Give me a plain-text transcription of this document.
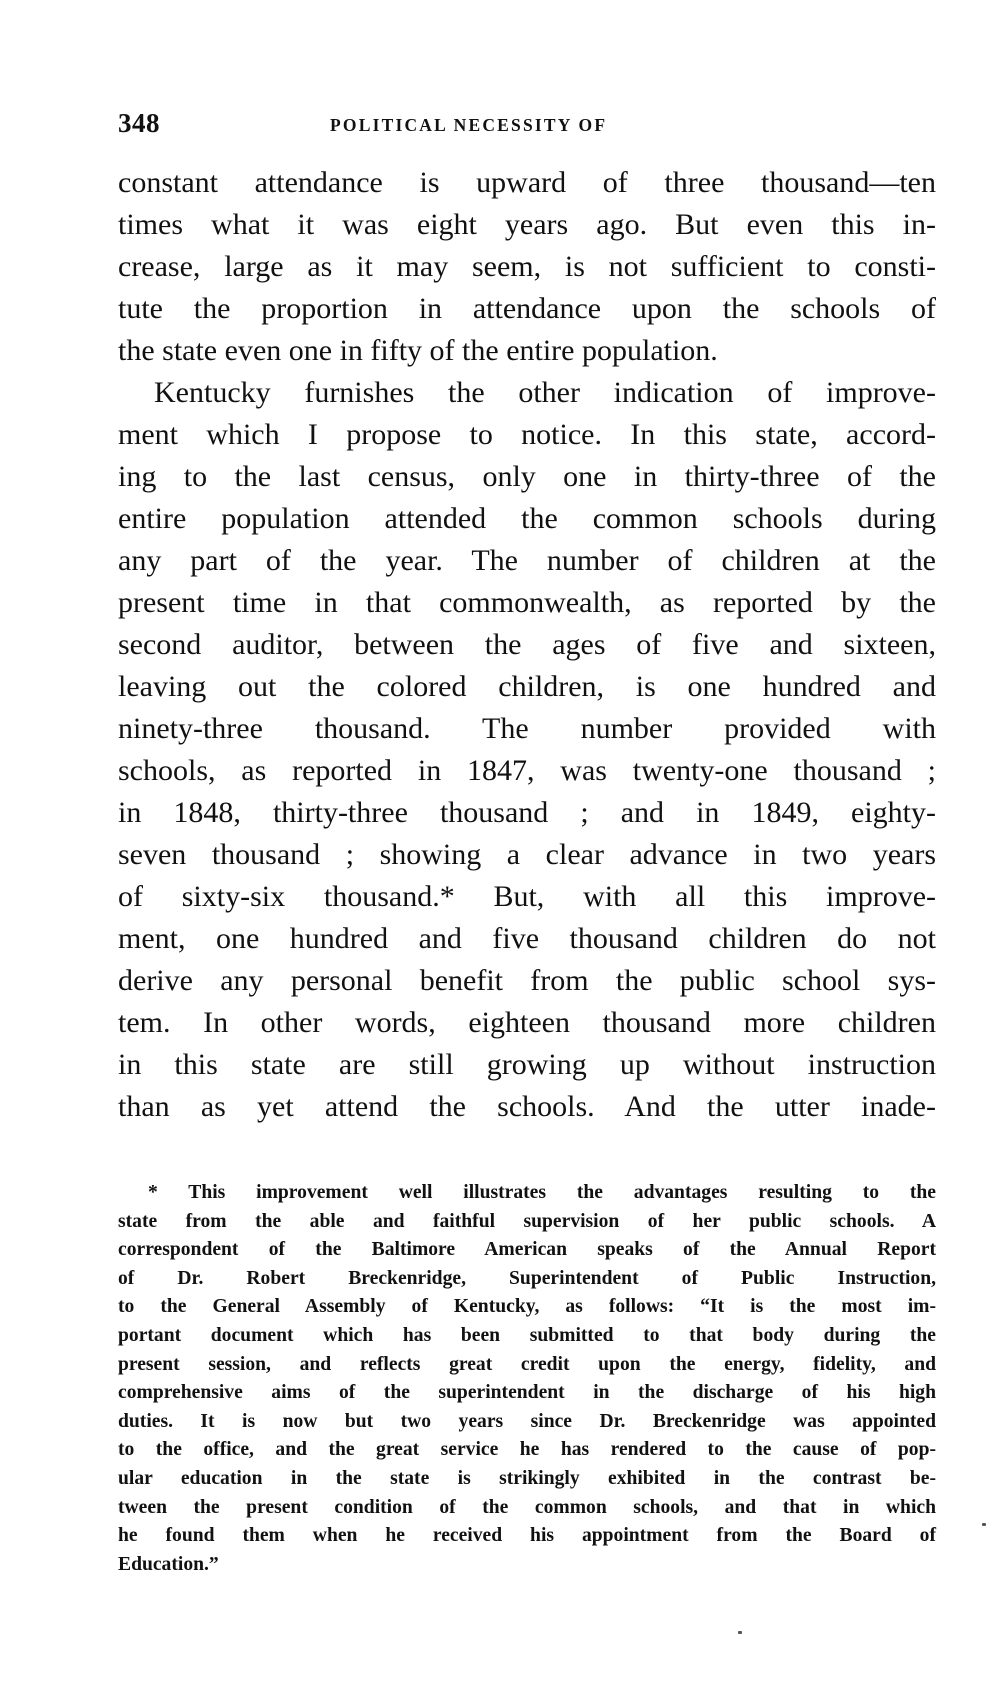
348	POLITICAL NECESSITY OF
constant attendance is upward of three thousand—ten
times what it was eight years ago. But even this in-
crease, large as it may seem, is not sufficient to consti-
tute the proportion in attendance upon the schools of
the state even one in fifty of the entire population.
Kentucky furnishes the other indication of improve-
ment which I propose to notice. In this state, accord-
ing to the last census, only one in thirty-three of the
entire population attended the common schools during
any part of the year. The number of children at the
present time in that commonwealth, as reported by the
second auditor, between the ages of five and sixteen,
leaving out the colored children, is one hundred and
ninety-three thousand. The number provided with
schools, as reported in 1847, was twenty-one thousand ;
in 1848, thirty-three thousand ; and in 1849, eighty-
seven thousand ; showing a clear advance in two years
of sixty-six thousand.* But, with all this improve-
ment, one hundred and five thousand children do not
derive any personal benefit from the public school sys-
tem. In other words, eighteen thousand more children
in this state are still growing up without instruction
than as yet attend the schools. And the utter inade-
* This improvement well illustrates the advantages resulting to the
state from the able and faithful supervision of her public schools. A
correspondent of the Baltimore American speaks of the Annual Report
of Dr. Robert Breckenridge, Superintendent of Public Instruction,
to the General Assembly of Kentucky, as follows: “It is the most im-
portant document which has been submitted to that body during the
present session, and reflects great credit upon the energy, fidelity, and
comprehensive aims of the superintendent in the discharge of his high
duties. It is now but two years since Dr. Breckenridge was appointed
to the office, and the great service he has rendered to the cause of pop-
ular education in the state is strikingly exhibited in the contrast be-
tween the present condition of the common schools, and that in which
he found them when he received his appointment from the Board of
Education.”
